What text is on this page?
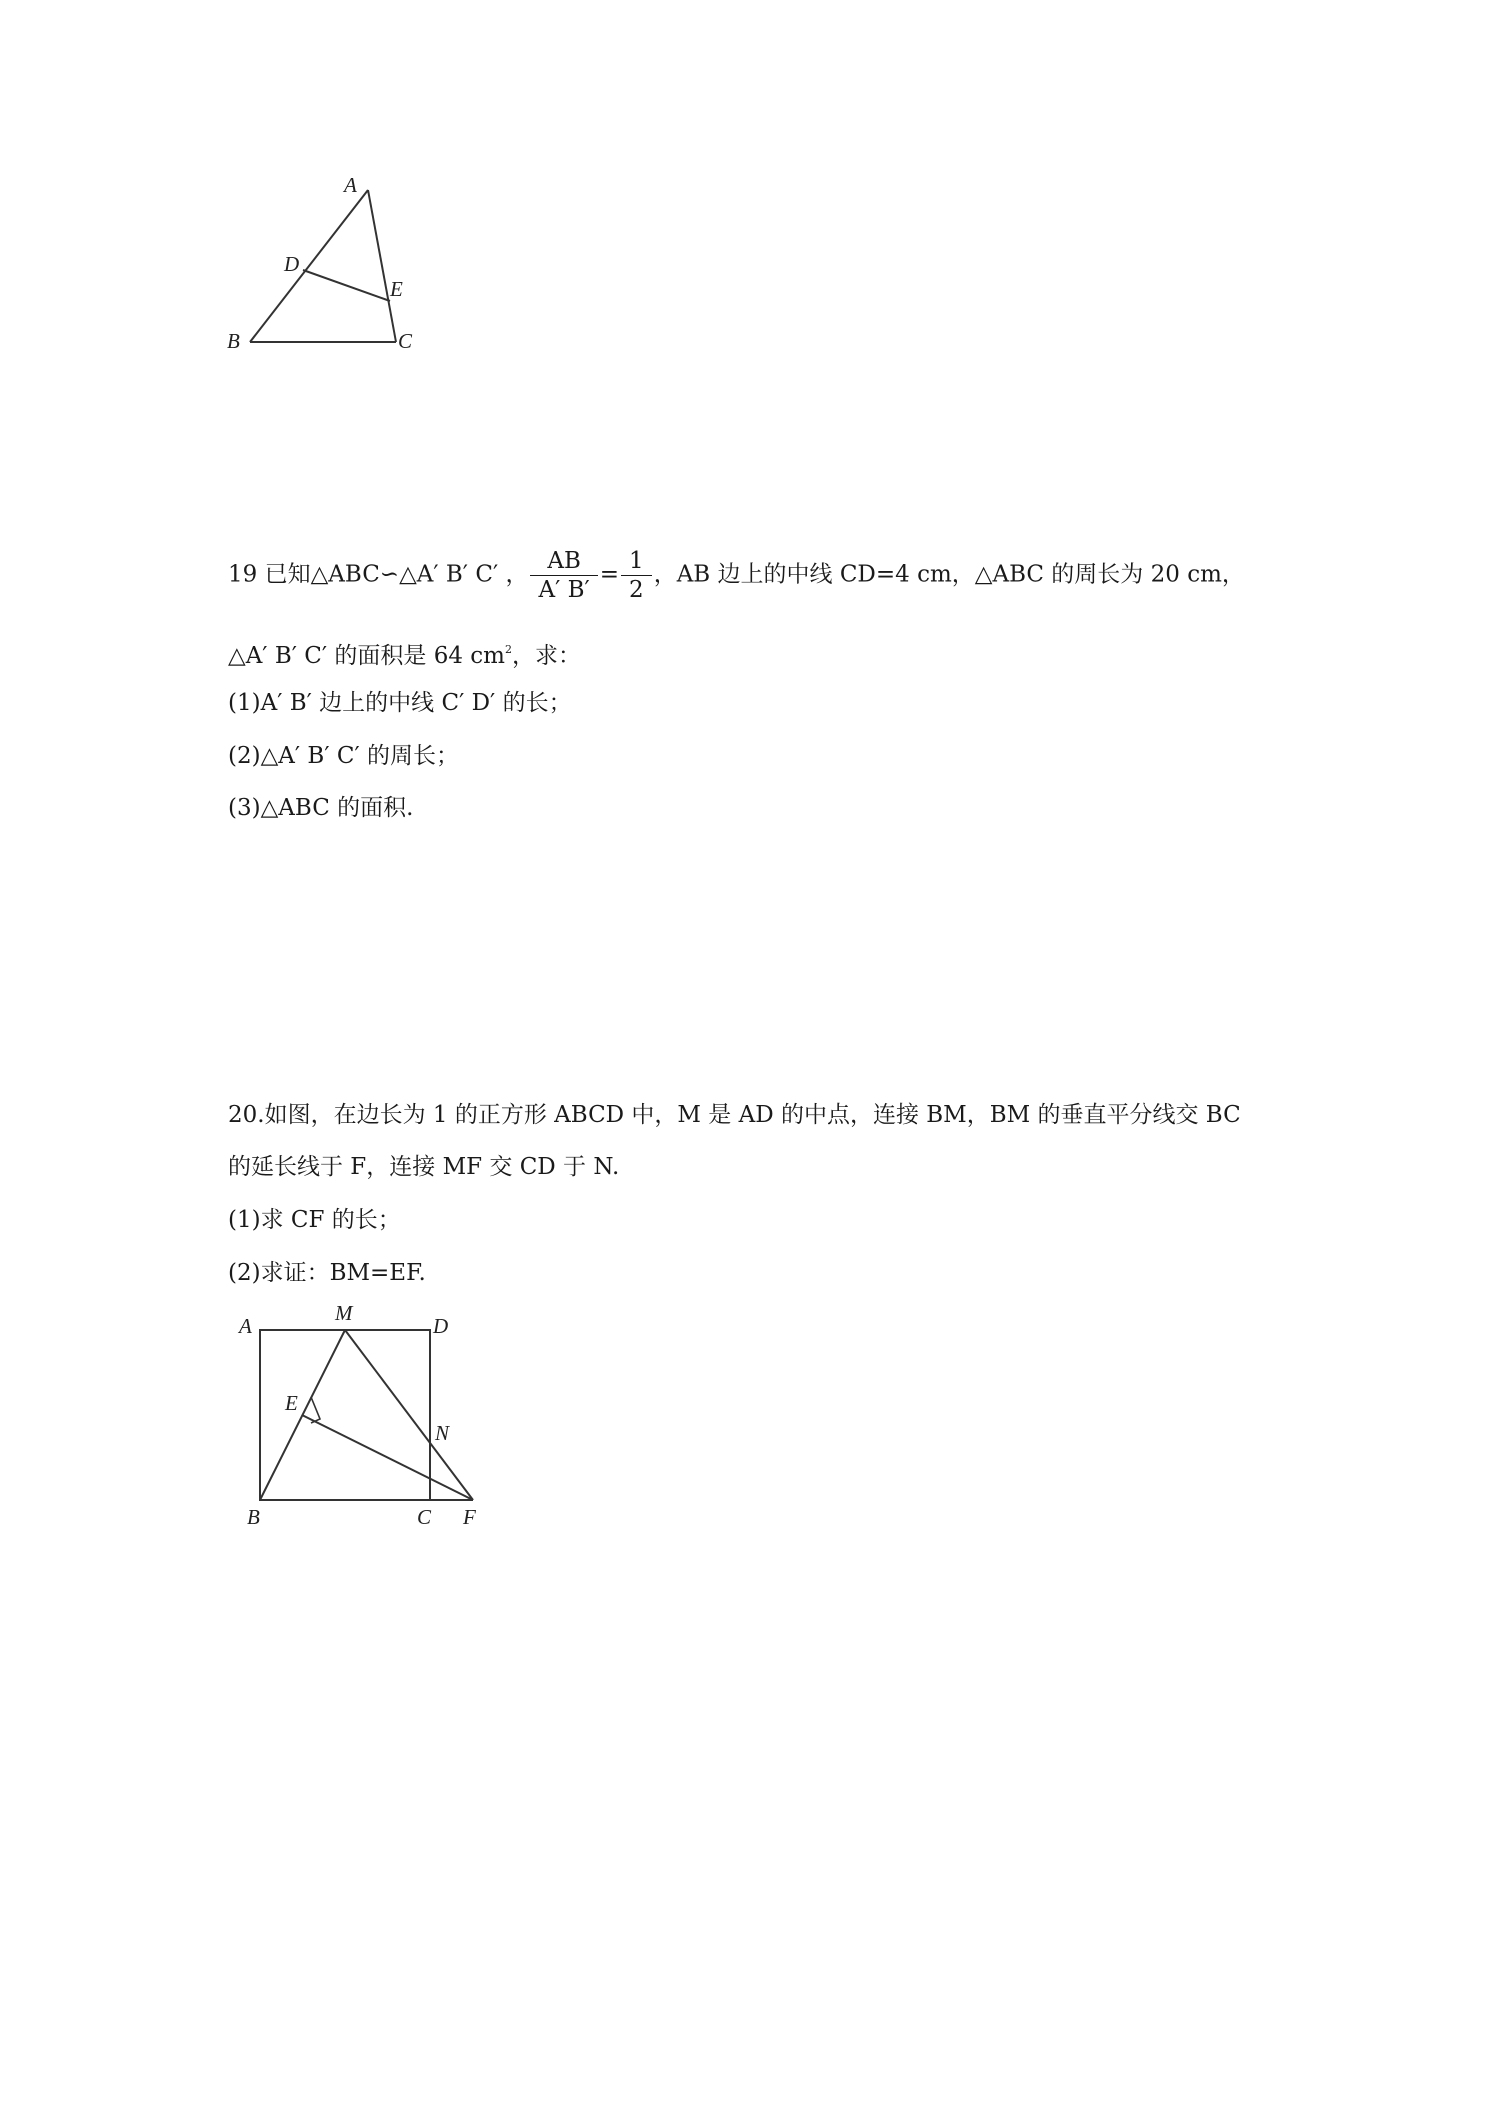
A
D
E
B	C
19 已知△ABC∽△A′ B′ C′ ， $\frac{AB}{A' B'} = \frac{1}{2}$ ，AB 边上的中线 CD=4 cm，△ABC 的周长为 20 cm，
△A′ B′ C′ 的面积是 64 $cm^2$，求：
(1)A′ B′ 边上的中线 C′ D′ 的长；
(2)△A′ B′ C′ 的周长；
(3)△ABC 的面积.
20.如图，在边长为 1 的正方形 ABCD 中，M 是 AD 的中点，连接 BM，BM 的垂直平分线交 BC
的延长线于 F，连接 MF 交 CD 于 N.
(1)求 CF 的长；
(2)求证：BM=EF.
A
M
D
E
N
B	C F
